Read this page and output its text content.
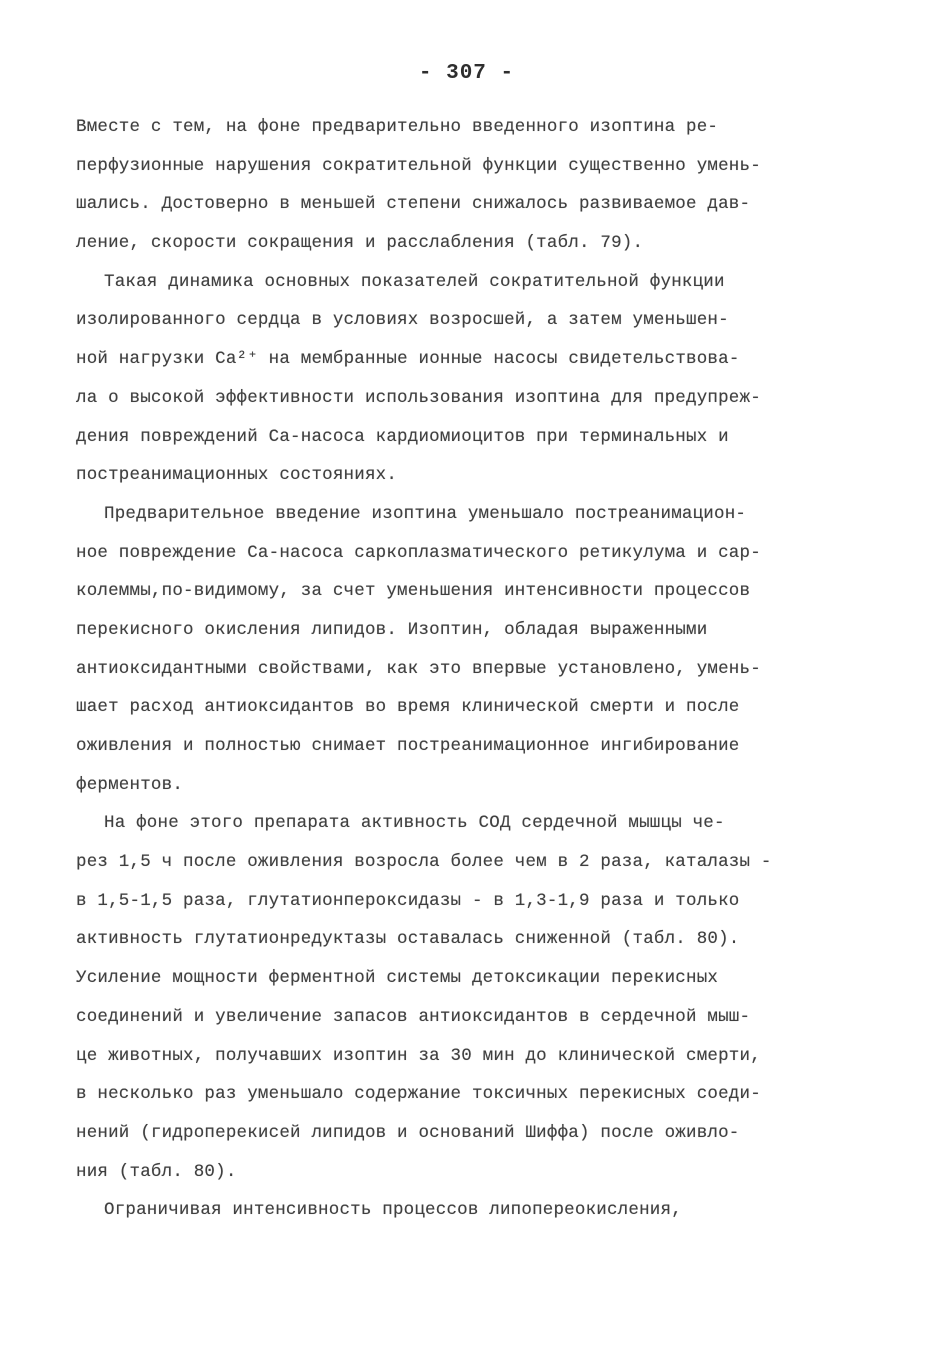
- 307 -
Вместе с тем, на фоне предварительно введенного изоптина ре-
перфузионные нарушения сократительной функции существенно умень-
шались. Достоверно в меньшей степени снижалось развиваемое дав-
ление, скорости сокращения и расслабления (табл. 79).
Такая динамика основных показателей сократительной функции
изолированного сердца в условиях возросшей, а затем уменьшен-
ной нагрузки Ca²⁺ на мембранные ионные насосы свидетельствова-
ла о высокой эффективности использования изоптина для предупреж-
дения повреждений Ca-насоса кардиомиоцитов при терминальных и
постреанимационных состояниях.
Предварительное введение изоптина уменьшало постреанимацион-
ное повреждение Ca-насоса саркоплазматического ретикулума и сар-
колеммы,по-видимому, за счет уменьшения интенсивности процессов
перекисного окисления липидов. Изоптин, обладая выраженными
антиоксидантными свойствами, как это впервые установлено, умень-
шает расход антиоксидантов во время клинической смерти и после
оживления и полностью снимает постреанимационное ингибирование
ферментов.
На фоне этого препарата активность СОД сердечной мышцы че-
рез 1,5 ч после оживления возросла более чем в 2 раза, каталазы -
в 1,5-1,5 раза, глутатионпероксидазы - в 1,3-1,9 раза и только
активность глутатионредуктазы оставалась сниженной (табл. 80).
Усиление мощности ферментной системы детоксикации перекисных
соединений и увеличение запасов антиоксидантов в сердечной мыш-
це животных, получавших изоптин за 30 мин до клинической смерти,
в несколько раз уменьшало содержание токсичных перекисных соеди-
нений (гидроперекисей липидов и оснований Шиффа) после оживло-
ния (табл. 80).
Ограничивая интенсивность процессов липопереокисления,
